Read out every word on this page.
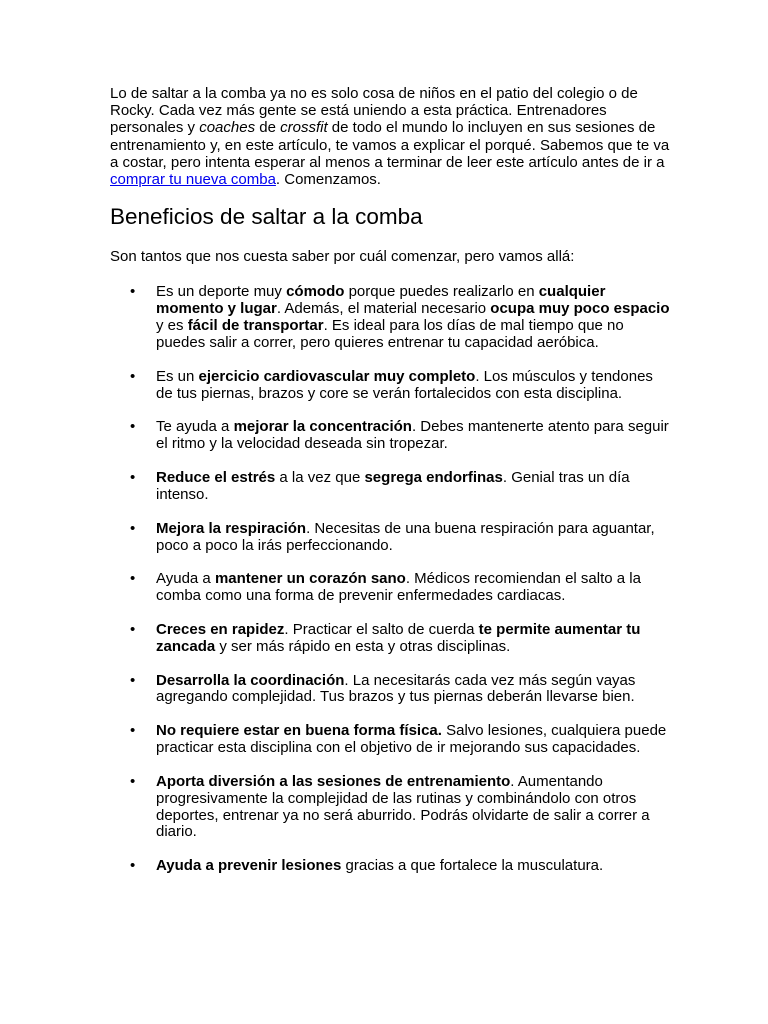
Lo de saltar a la comba ya no es solo cosa de niños en el patio del colegio o de Rocky. Cada vez más gente se está uniendo a esta práctica. Entrenadores personales y coaches de crossfit de todo el mundo lo incluyen en sus sesiones de entrenamiento y, en este artículo, te vamos a explicar el porqué. Sabemos que te va a costar, pero intenta esperar al menos a terminar de leer este artículo antes de ir a comprar tu nueva comba. Comenzamos.

Beneficios de saltar a la comba

Son tantos que nos cuesta saber por cuál comenzar, pero vamos allá:

• Es un deporte muy cómodo porque puedes realizarlo en cualquier momento y lugar. Además, el material necesario ocupa muy poco espacio y es fácil de transportar. Es ideal para los días de mal tiempo que no puedes salir a correr, pero quieres entrenar tu capacidad aeróbica.
• Es un ejercicio cardiovascular muy completo. Los músculos y tendones de tus piernas, brazos y core se verán fortalecidos con esta disciplina.
• Te ayuda a mejorar la concentración. Debes mantenerte atento para seguir el ritmo y la velocidad deseada sin tropezar.
• Reduce el estrés a la vez que segrega endorfinas. Genial tras un día intenso.
• Mejora la respiración. Necesitas de una buena respiración para aguantar, poco a poco la irás perfeccionando.
• Ayuda a mantener un corazón sano. Médicos recomiendan el salto a la comba como una forma de prevenir enfermedades cardiacas.
• Creces en rapidez. Practicar el salto de cuerda te permite aumentar tu zancada y ser más rápido en esta y otras disciplinas.
• Desarrolla la coordinación. La necesitarás cada vez más según vayas agregando complejidad. Tus brazos y tus piernas deberán llevarse bien.
• No requiere estar en buena forma física. Salvo lesiones, cualquiera puede practicar esta disciplina con el objetivo de ir mejorando sus capacidades.
• Aporta diversión a las sesiones de entrenamiento. Aumentando progresivamente la complejidad de las rutinas y combinándolo con otros deportes, entrenar ya no será aburrido. Podrás olvidarte de salir a correr a diario.
• Ayuda a prevenir lesiones gracias a que fortalece la musculatura.
